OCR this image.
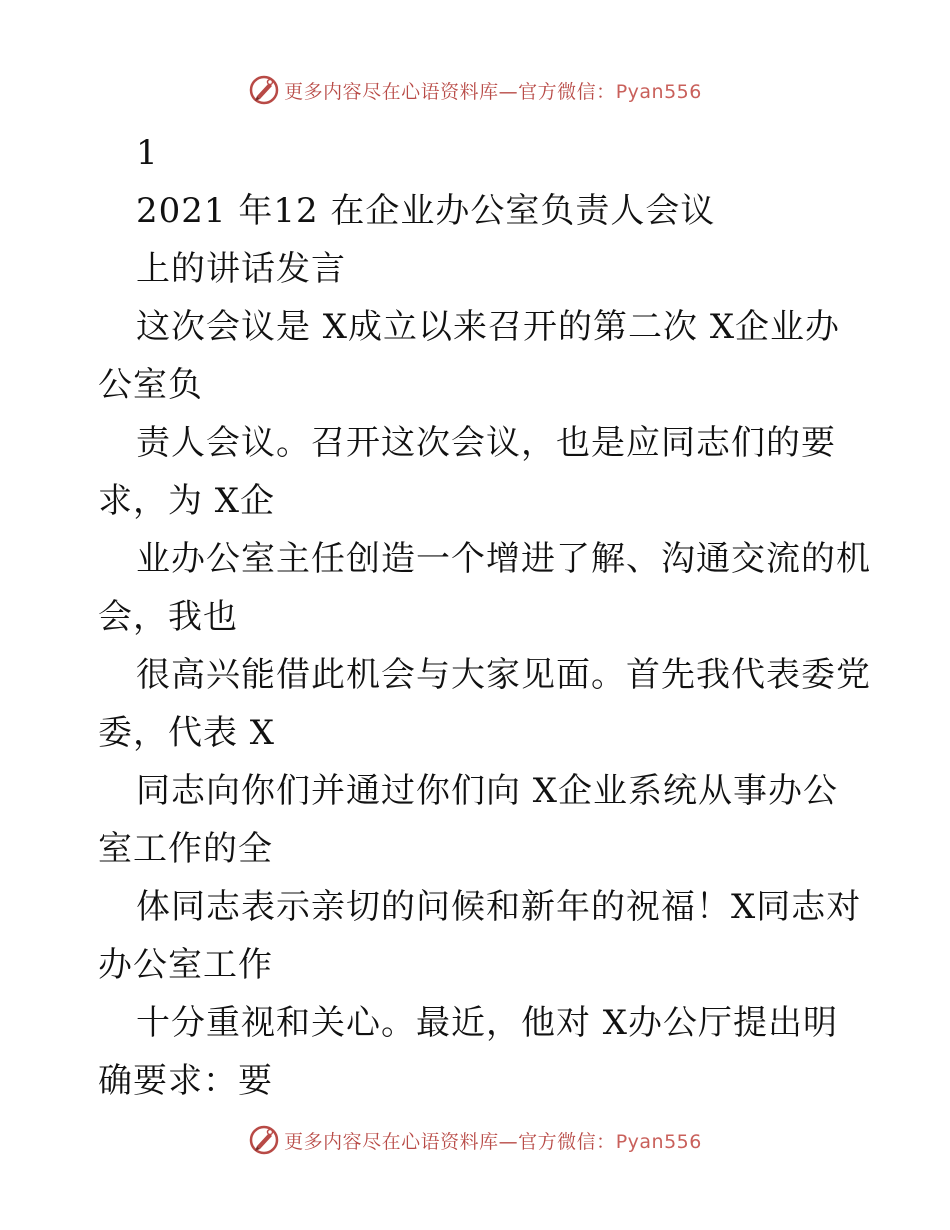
更多内容尽在心语资料库—官方微信：Pyan556
1
2021 年12 在企业办公室负责人会议
上的讲话发言
这次会议是 X成立以来召开的第二次 X企业办
公室负
责人会议。召开这次会议，也是应同志们的要
求，为 X企
业办公室主任创造一个增进了解、沟通交流的机
会，我也
很高兴能借此机会与大家见面。首先我代表委党
委，代表 X
同志向你们并通过你们向 X企业系统从事办公
室工作的全
体同志表示亲切的问候和新年的祝福！X同志对
办公室工作
十分重视和关心。最近，他对 X办公厅提出明
确要求：要
更多内容尽在心语资料库—官方微信：Pyan556
